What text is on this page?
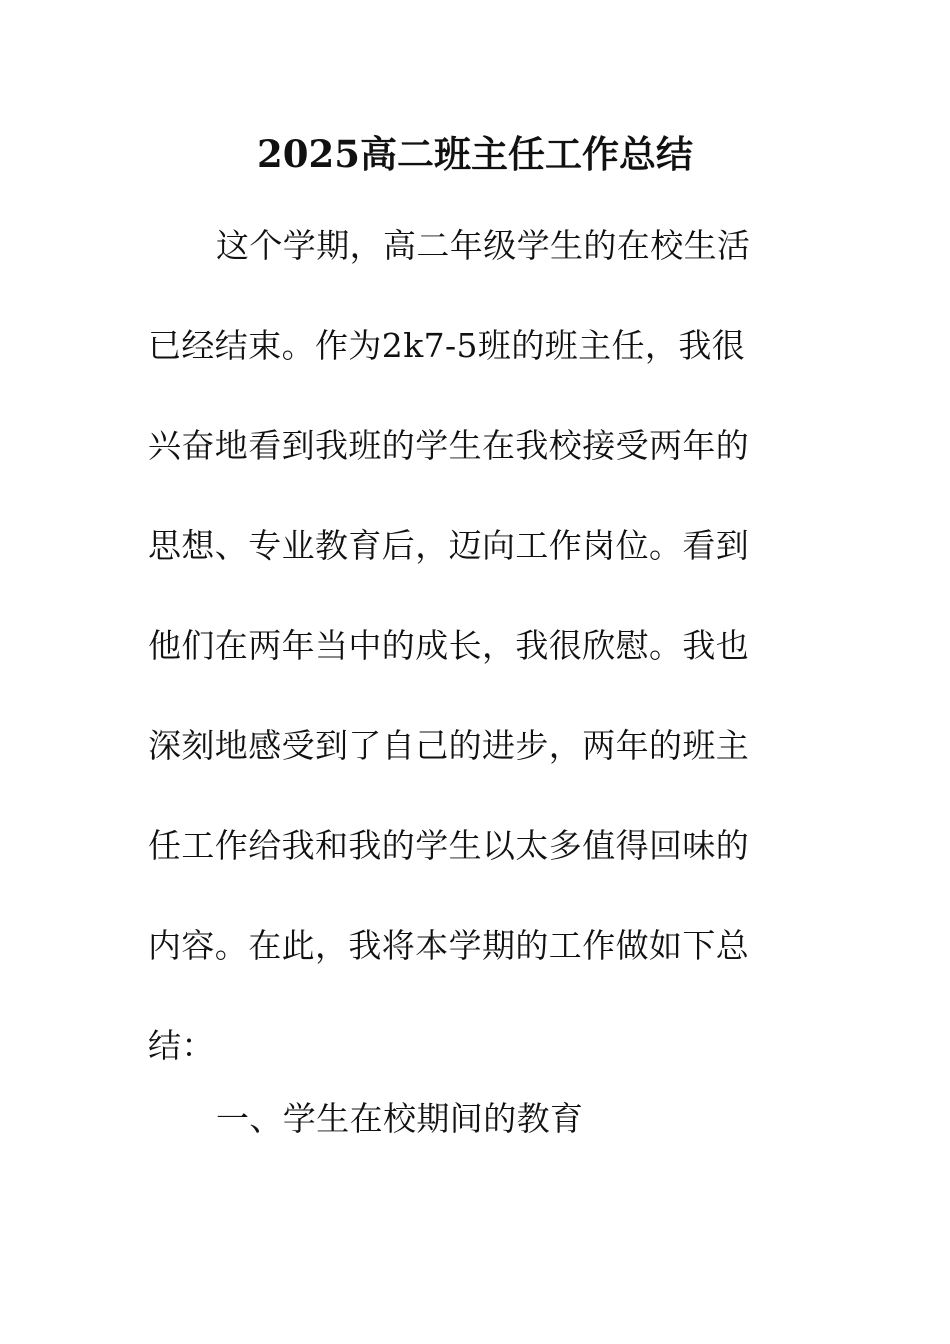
2025高二班主任工作总结
这个学期，高二年级学生的在校生活
已经结束。作为2k7-5班的班主任，我很
兴奋地看到我班的学生在我校接受两年的
思想、专业教育后，迈向工作岗位。看到
他们在两年当中的成长，我很欣慰。我也
深刻地感受到了自己的进步，两年的班主
任工作给我和我的学生以太多值得回味的
内容。在此，我将本学期的工作做如下总
结：

一、学生在校期间的教育
